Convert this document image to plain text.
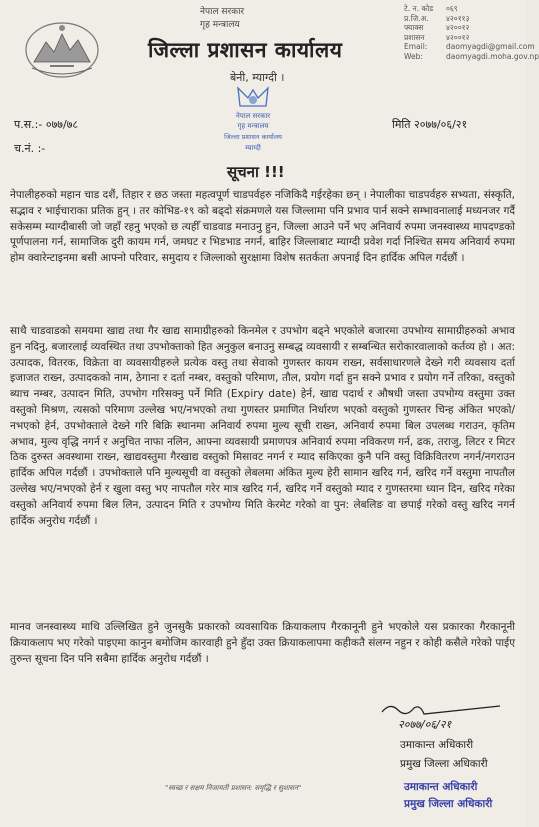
नेपाल सरकार
गृह मन्त्रालय
जिल्ला प्रशासन कार्यालय
बेनी, म्याग्दी ।
टे. न. कोड	०६९
प्र.जि.अ.	४२०११३
फ्याक्स	४२००१२
प्रशासन	४२००१२
Email:	daomyagdi@gmail.com
Web:	daomyagdi.moha.gov.np
नेपाल सरकार
गृह मन्त्रालय
जिल्ला प्रशासन कार्यालय
म्याग्दी
प.स.:- ०७७/७८
च.नं. :-
मिति २०७७/०६/२१
सूचना !!!

नेपालीहरुको महान चाड दशैं, तिहार र छठ जस्ता महत्वपूर्ण चाडपर्वहरु नजिकिदै गईरहेका छन् । नेपालीका चाडपर्वहरु सभ्यता, संस्कृति, सद्भाव र भाईचाराका प्रतिक हुन् । तर कोभिड-१९ को बढ्दो संक्रमणले यस जिल्लामा पनि प्रभाव पार्न सक्ने सम्भावनालाई मध्यनजर गर्दै सकेसम्म म्याग्दीबासी जो जहाँ रहनु भएको छ त्यहीँ चाडवाड मनाउनु हुन, जिल्ला आउने पर्ने भए अनिवार्य रुपमा जनस्वास्थ्य मापदण्डको पूर्णपालना गर्न, सामाजिक दुरी कायम गर्न, जमघट र भिडभाड नगर्न, बाहिर जिल्लाबाट म्याग्दी प्रवेश गर्दा निश्चित समय अनिवार्य रुपमा होम क्वारेन्टाइनमा बसी आफ्नो परिवार, समुदाय र जिल्लाको सुरक्षामा विशेष सतर्कता अपनाई दिन हार्दिक अपिल गर्दछौं ।

साथै चाडवाडको समयमा खाद्य तथा गैर खाद्य सामाग्रीहरुको किनमेल र उपभोग बढ्ने भएकोले बजारमा उपभोग्य सामाग्रीहरुको अभाव हुन नदिनु, बजारलाई व्यवस्थित तथा उपभोक्ताको हित अनुकुल बनाउनु सम्बद्ध व्यवसायी र सम्बन्धित सरोकारवालाको कर्तव्य हो । अत: उत्पादक, वितरक, विक्रेता वा व्यवसायीहरुले प्रत्येक वस्तु तथा सेवाको गुणस्तर कायम राख्न, सर्वसाधारणले देख्ने गरी व्यवसाय दर्ता इजाजत राख्न, उत्पादकको नाम, ठेगाना र दर्ता नम्बर, वस्तुको परिमाण, तौल, प्रयोग गर्दा हुन सक्ने प्रभाव र प्रयोग गर्ने तरिका, वस्तुको ब्याच नम्बर, उत्पादन मिति, उपभोग गरिसक्नु पर्ने मिति (Expiry date) हेर्न, खाद्य पदार्थ र औषधी जस्ता उपभोग्य वस्तुमा उक्त वस्तुको मिश्रण, त्यसको परिमाण उल्लेख भए/नभएको तथा गुणस्तर प्रमाणित निर्धारण भएको वस्तुको गुणस्तर चिन्ह अंकित भएको/नभएको हेर्न, उपभोक्ताले देख्ने गरि बिक्रि स्थानमा अनिवार्य रुपमा मुल्य सूची राख्न, अनिवार्य रुपमा बिल उपलब्ध गराउन, कृतिम अभाव, मुल्य वृद्धि नगर्न र अनुचित नाफा नलिन, आफ्ना व्यवसायी प्रमाणपत्र अनिवार्य रुपमा नविकरण गर्न, ढक, तराजु, लिटर र मिटर ठिक दुरुस्त अवस्थामा राख्न, खाद्यवस्तुमा गैरखाद्य वस्तुको मिसावट नगर्न र म्याद सकिएका कुनै पनि वस्तु विक्रिवितरण नगर्न/नगराउन हार्दिक अपिल गर्दछौं । उपभोक्ताले पनि मुल्यसूची वा वस्तुको लेबलमा अंकित मुल्य हेरी सामान खरिद गर्न, खरिद गर्ने वस्तुमा नापतौल उल्लेख भए/नभएको हेर्न र खुला वस्तु भए नापतौल गरेर मात्र खरिद गर्न, खरिद गर्ने वस्तुको म्याद र गुणस्तरमा ध्यान दिन, खरिद गरेका वस्तुको अनिवार्य रुपमा बिल लिन, उत्पादन मिति र उपभोग्य मिति केरमेट गरेको वा पुन: लेबलिङ वा छपाई गरेको वस्तु खरिद नगर्न हार्दिक अनुरोध गर्दछौं ।

मानव जनस्वास्थ्य माथि उल्लिखित हुने जुनसुकै प्रकारको व्यवसायिक क्रियाकलाप गैरकानूनी हुने भएकोले यस प्रकारका गैरकानूनी क्रियाकलाप भए गरेको पाइएमा कानुन बमोजिम कारवाही हुने हुँदा उक्त क्रियाकलापमा कहीकतै संलग्न नहुन र कोही कसैले गरेको पाईए तुरुन्त सूचना दिन पनि सबैमा हार्दिक अनुरोध गर्दछौं ।

२०७७/०६/२१
उमाकान्त अधिकारी
प्रमुख जिल्ला अधिकारी
उमाकान्त अधिकारी
प्रमुख जिल्ला अधिकारी
"स्वच्छ र सक्षम निजामती प्रशासन: समृद्धि र सुशासन"
